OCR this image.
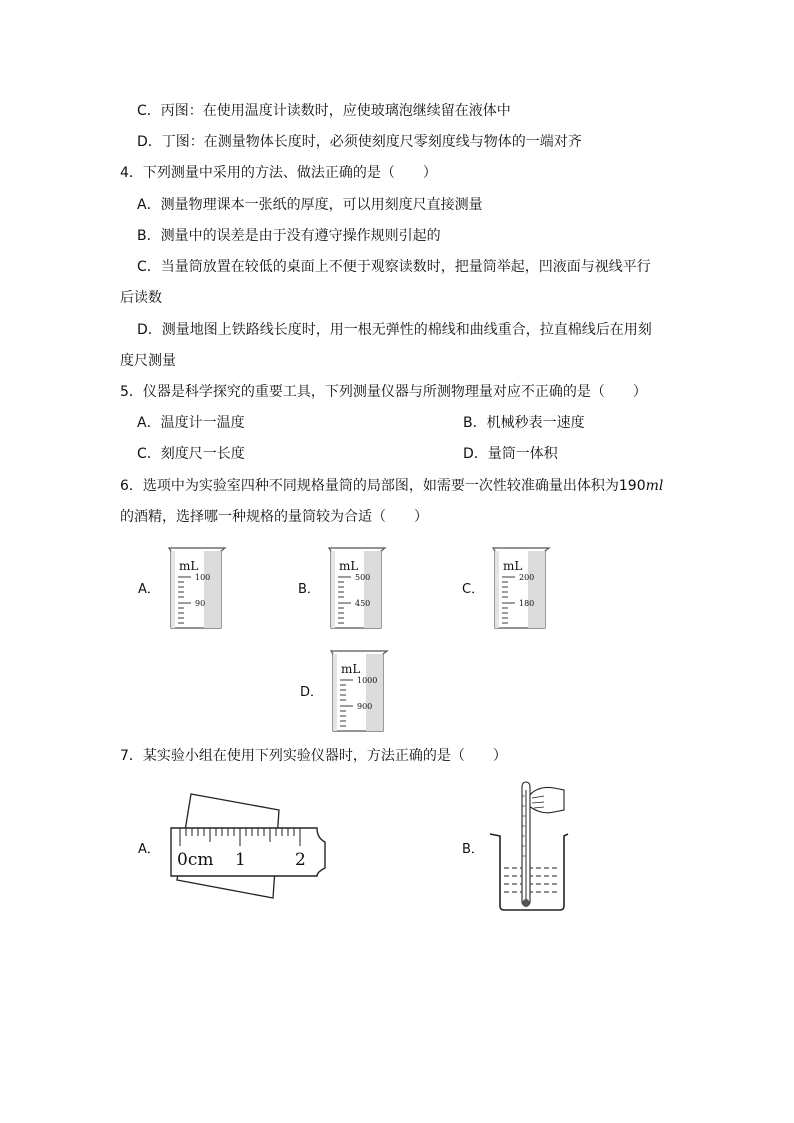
C．丙图：在使用温度计读数时，应使玻璃泡继续留在液体中
D．丁图：在测量物体长度时，必须使刻度尺零刻度线与物体的一端对齐
4．下列测量中采用的方法、做法正确的是（　　）
A．测量物理课本一张纸的厚度，可以用刻度尺直接测量
B．测量中的误差是由于没有遵守操作规则引起的
C．当量筒放置在较低的桌面上不便于观察读数时，把量筒举起，凹液面与视线平行
后读数
D．测量地图上铁路线长度时，用一根无弹性的棉线和曲线重合，拉直棉线后在用刻
度尺测量
5．仪器是科学探究的重要工具，下列测量仪器与所测物理量对应不正确的是（　　）
A．温度计一温度	B．机械秒表一速度
C．刻度尺一长度	D．量筒一体积
6．选项中为实验室四种不同规格量筒的局部图，如需要一次性较准确量出体积为190ml
的酒精，选择哪一种规格的量筒较为合适（　　）
A．
mL
100
90
B．
mL
500
450
C．
mL
200
180
D．
mL
1000
900
7．某实验小组在使用下列实验仪器时，方法正确的是（　　）
A．
0cm 1	2
B．
